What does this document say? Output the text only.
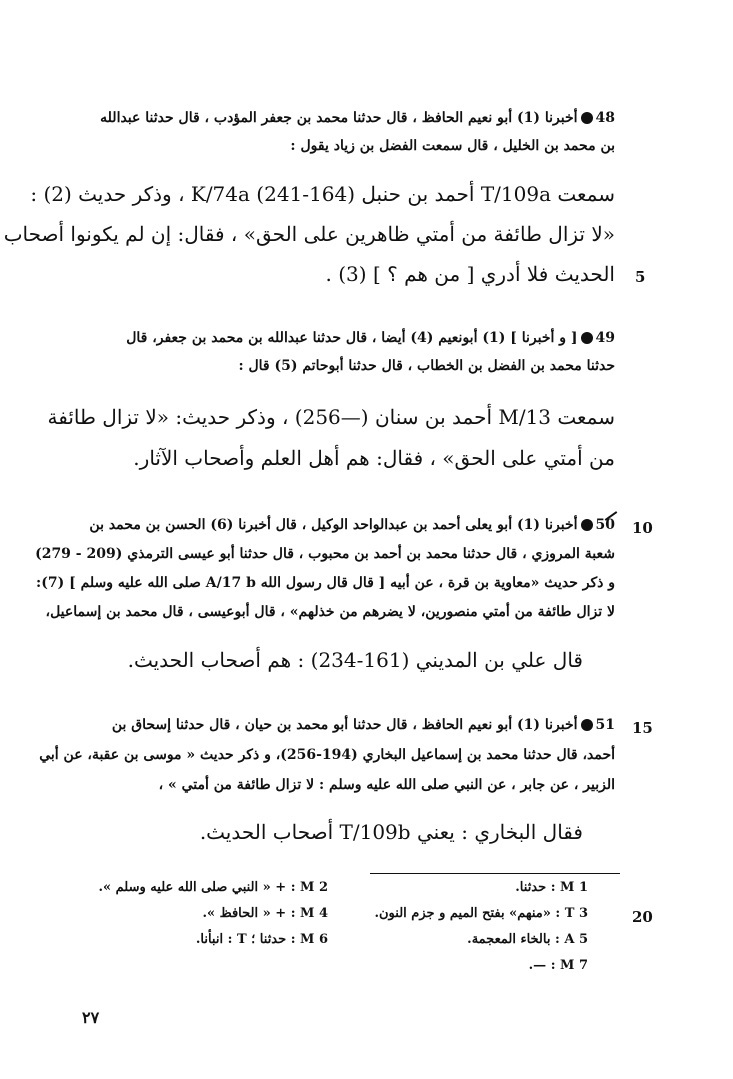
48أخبرنا (1) أبو نعيم الحافظ ، قال حدثنا محمد بن جعفر المؤدب ، قال حدثنا عبدالله
بن محمد بن الخليل ، قال سمعت الفضل بن زياد يقول :
سمعت T/109a أحمد بن حنبل (164-241) K/74a ، وذكر حديث (2) :
«لا تزال طائفة من أمتي ظاهرين على الحق» ، فقال: إن لم يكونوا أصحاب
الحديث فلا أدري [ من هم ؟ ] (3) . 5
49[ و أخبرنا ] (1) أبونعيم (4) أيضا ، قال حدثنا عبدالله بن محمد بن جعفر، قال
حدثنا محمد بن الفضل بن الخطاب ، قال حدثنا أبوحاتم (5) قال :
سمعت M/13 أحمد بن سنان (—256) ، وذكر حديث: «لا تزال طائفة
من أمتي على الحق» ، فقال: هم أهل العلم وأصحاب الآثار.
10
50أخبرنا (1) أبو يعلى أحمد بن عبدالواحد الوكيل ، قال أخبرنا (6) الحسن بن محمد بن
شعبة المروزي ، قال حدثنا محمد بن أحمد بن محبوب ، قال حدثنا أبو عيسى الترمذي (209 - 279)
و ذكر حديث «معاوية بن قرة ، عن أبيه [ قال قال رسول الله A/17 b صلى الله عليه وسلم ] (7):
لا تزال طائفة من أمتي منصورين، لا يضرهم من خذلهم» ، قال أبوعيسى ، قال محمد بن إسماعيل،
قال علي بن المديني (161-234) : هم أصحاب الحديث.
15
51أخبرنا (1) أبو نعيم الحافظ ، قال حدثنا أبو محمد بن حيان ، قال حدثنا إسحاق بن
أحمد، قال حدثنا محمد بن إسماعيل البخاري (194-256)، و ذكر حديث « موسى بن عقبة، عن أبي
الزبير ، عن جابر ، عن النبي صلى الله عليه وسلم : لا تزال طائفة من أمتي » ،
فقال البخاري : يعني T/109b أصحاب الحديث.
M 1 : حدثنا.
T 3 : «منهم» بفتح الميم و جزم النون.
A 5 : بالخاء المعجمة.
M 7 : —.
M 2 : + « النبي صلى الله عليه وسلم ».
M 4 : + « الحافظ ».
M 6 : حدثنا ؛ T : انبأنا.
20
٢٧
